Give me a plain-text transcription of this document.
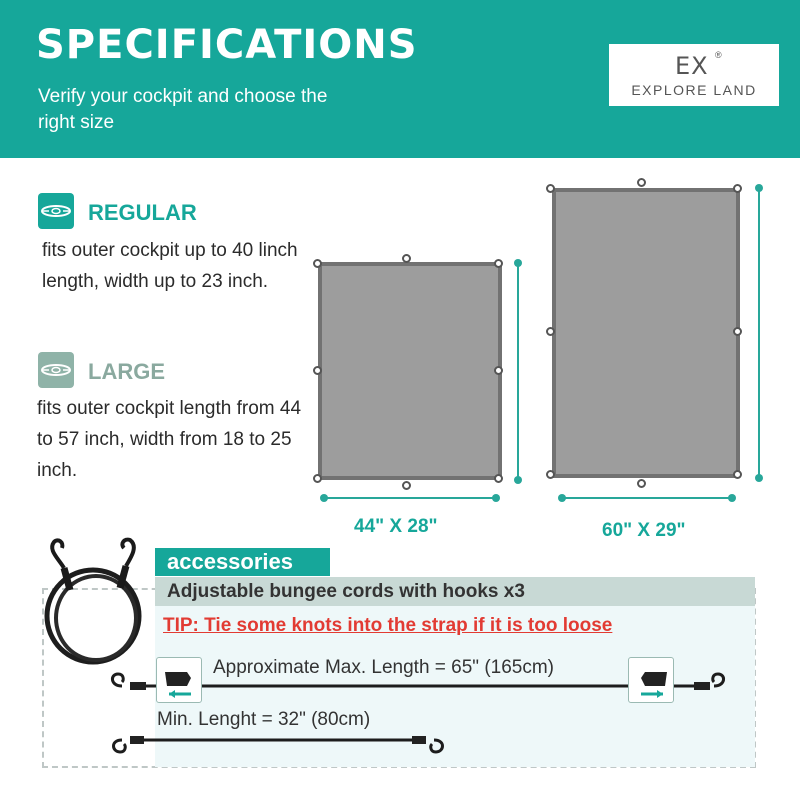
SPECIFICATIONS
Verify your cockpit and choose the right size
EX ®
EXPLORE LAND
REGULAR
fits outer cockpit up to 40 linch length, width up to 23 inch.
LARGE
fits outer cockpit length from 44 to 57 inch, width from 18 to 25 inch.
44" X 28"	60" X 29"
accessories
Adjustable bungee cords with hooks x3
TIP: Tie some knots into the strap if it is too loose
Approximate Max. Length = 65" (165cm)
Min. Lenght = 32" (80cm)
